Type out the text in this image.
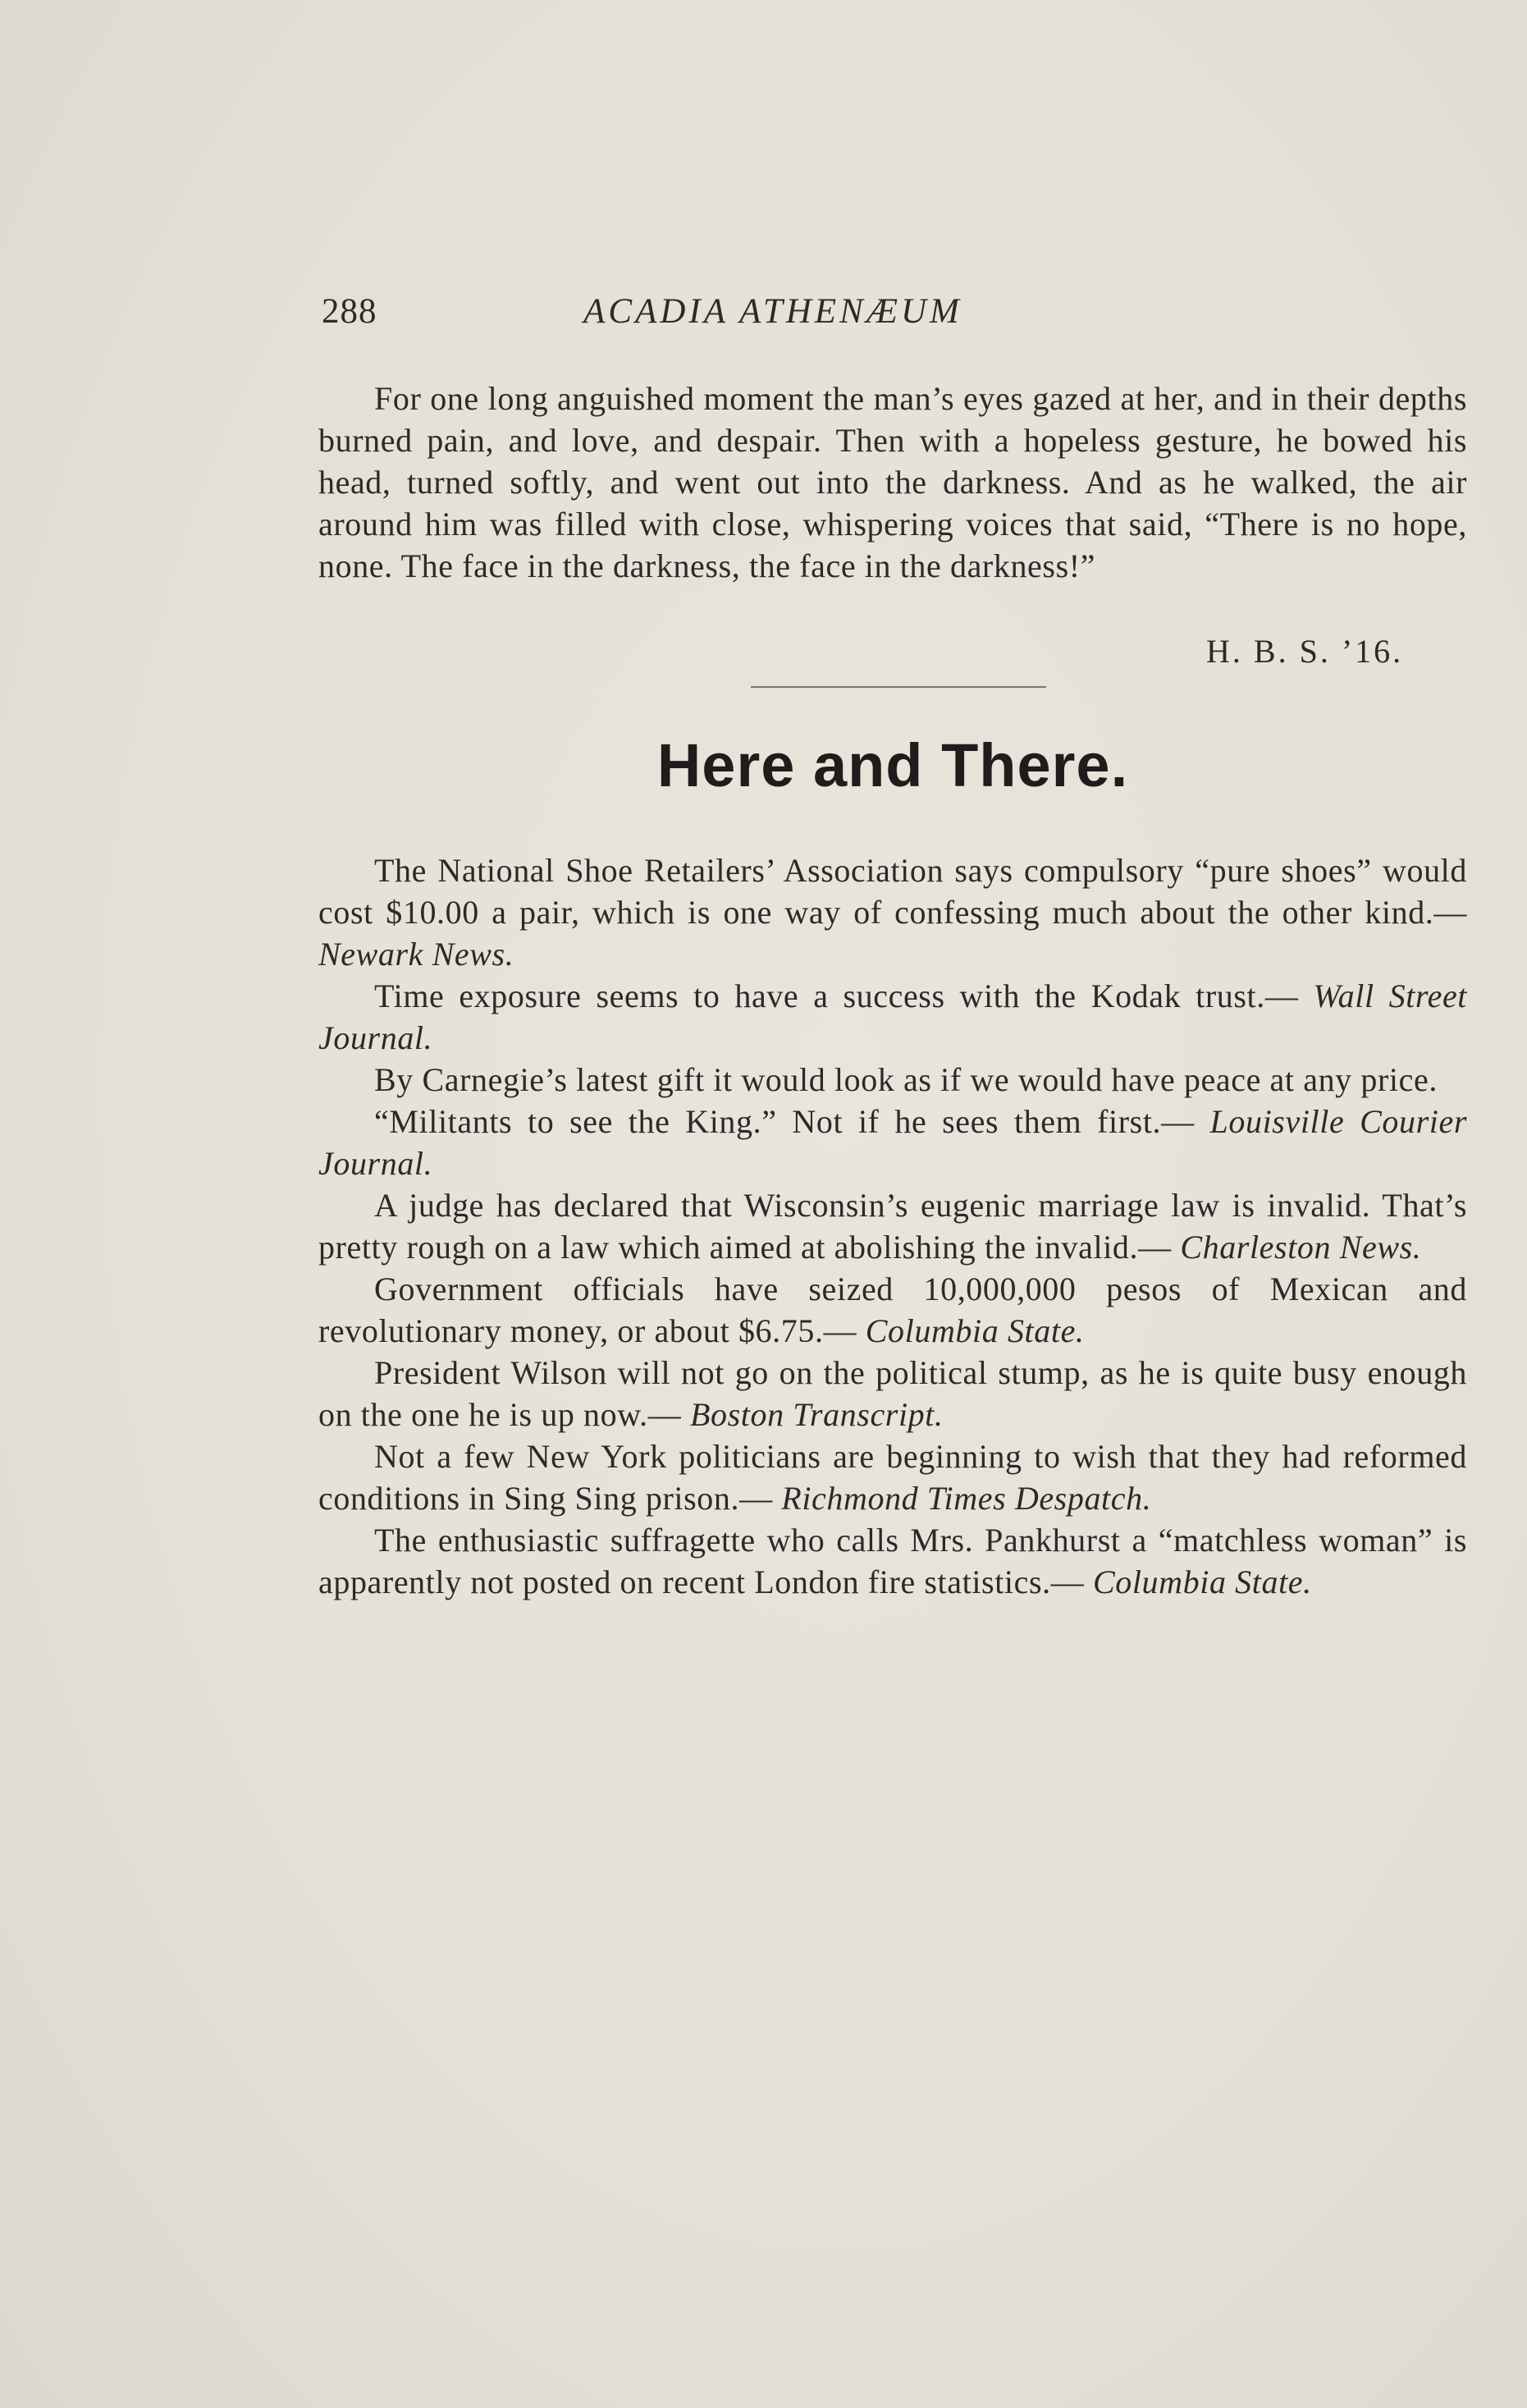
288	ACADIA ATHENÆUM

For one long anguished moment the man’s eyes gazed at her, and in their depths burned pain, and love, and despair. Then with a hopeless gesture, he bowed his head, turned softly, and went out into the darkness. And as he walked, the air around him was filled with close, whispering voices that said, “There is no hope, none. The face in the darkness, the face in the darkness!”

H. B. S. ’16.
Here and There.

The National Shoe Retailers’ Association says compulsory “pure shoes” would cost $10.00 a pair, which is one way of confessing much about the other kind.— Newark News.

Time exposure seems to have a success with the Kodak trust.— Wall Street Journal.

By Carnegie’s latest gift it would look as if we would have peace at any price.

“Militants to see the King.” Not if he sees them first.— Louisville Courier Journal.

A judge has declared that Wisconsin’s eugenic marriage law is invalid. That’s pretty rough on a law which aimed at abolishing the invalid.— Charleston News.

Government officials have seized 10,000,000 pesos of Mexican and revolutionary money, or about $6.75.— Columbia State.

President Wilson will not go on the political stump, as he is quite busy enough on the one he is up now.— Boston Transcript.

Not a few New York politicians are beginning to wish that they had reformed conditions in Sing Sing prison.— Richmond Times Despatch.

The enthusiastic suffragette who calls Mrs. Pankhurst a “matchless woman” is apparently not posted on recent London fire statistics.— Columbia State.
